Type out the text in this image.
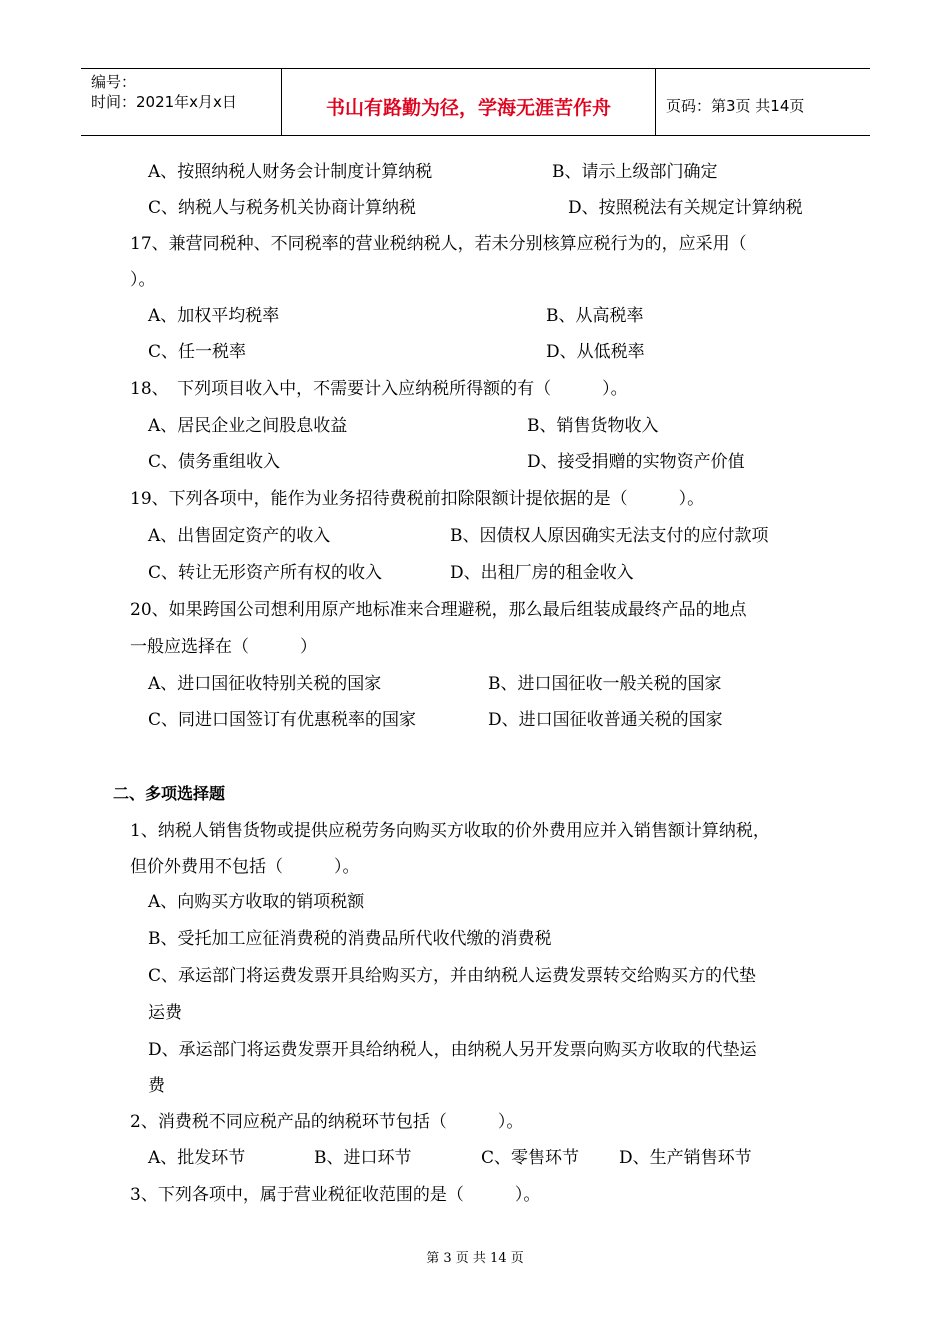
编号：
时间：2021年x月x日	书山有路勤为径，学海无涯苦作舟	页码：第3页 共14页
A、按照纳税人财务会计制度计算纳税	B、请示上级部门确定
C、纳税人与税务机关协商计算纳税	D、按照税法有关规定计算纳税
17、兼营同税种、不同税率的营业税纳税人，若未分别核算应税行为的，应采用（
）。
A、加权平均税率	B、从高税率
C、任一税率	D、从低税率
18、　下列项目收入中，不需要计入应纳税所得额的有（　　　）。
A、居民企业之间股息收益	B、销售货物收入
C、债务重组收入	D、接受捐赠的实物资产价值
19、下列各项中，能作为业务招待费税前扣除限额计提依据的是（　　　）。
A、出售固定资产的收入	B、因债权人原因确实无法支付的应付款项
C、转让无形资产所有权的收入	D、出租厂房的租金收入
20、如果跨国公司想利用原产地标准来合理避税，那么最后组装成最终产品的地点
一般应选择在（　　　）
A、进口国征收特别关税的国家	B、进口国征收一般关税的国家
C、同进口国签订有优惠税率的国家	D、进口国征收普通关税的国家
二、多项选择题
1、纳税人销售货物或提供应税劳务向购买方收取的价外费用应并入销售额计算纳税，
但价外费用不包括（　　　）。
A、向购买方收取的销项税额
B、受托加工应征消费税的消费品所代收代缴的消费税
C、承运部门将运费发票开具给购买方，并由纳税人运费发票转交给购买方的代垫
运费
D、承运部门将运费发票开具给纳税人，由纳税人另开发票向购买方收取的代垫运
费
2、消费税不同应税产品的纳税环节包括（　　　）。
A、批发环节	B、进口环节	C、零售环节 D、生产销售环节
3、下列各项中，属于营业税征收范围的是（　　　）。
第 3 页 共 14 页
